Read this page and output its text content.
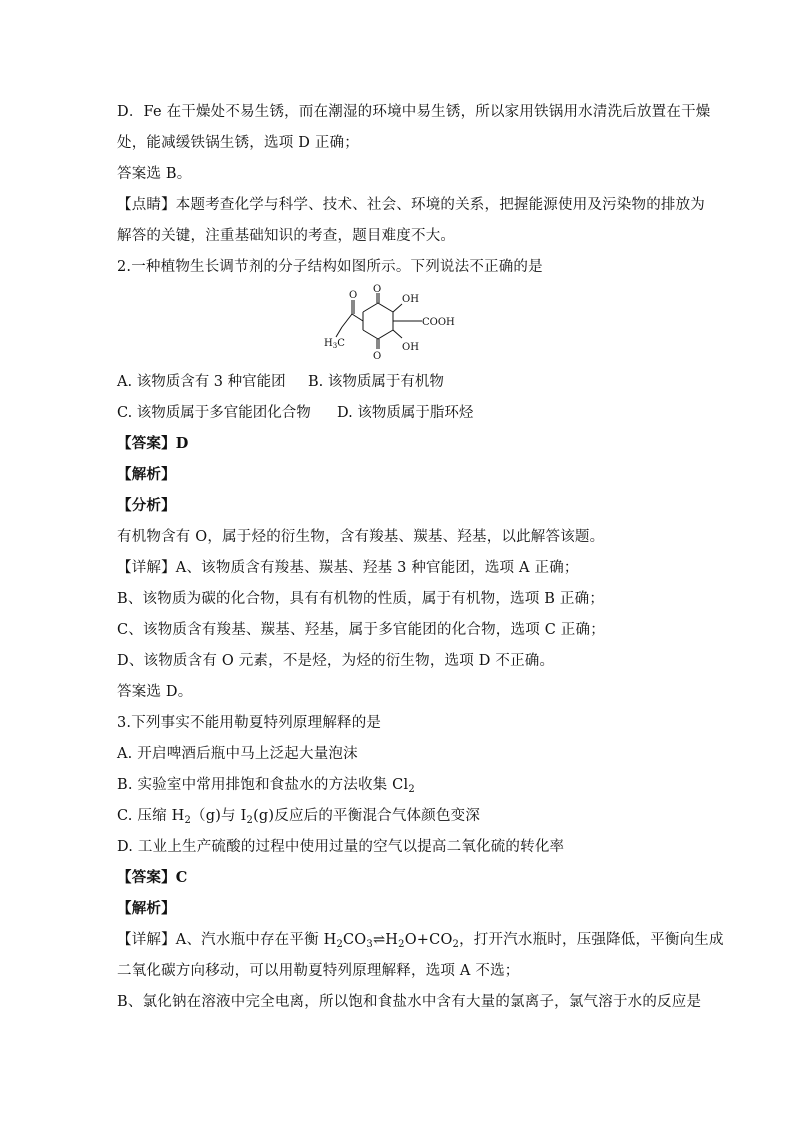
D．Fe 在干燥处不易生锈，而在潮湿的环境中易生锈，所以家用铁锅用水清洗后放置在干燥
处，能减缓铁锅生锈，选项 D 正确；
答案选 B。
【点睛】本题考查化学与科学、技术、社会、环境的关系，把握能源使用及污染物的排放为
解答的关键，注重基础知识的考查，题目难度不大。
2.一种植物生长调节剂的分子结构如图所示。下列说法不正确的是
O
O
O
OH
OH
COOH
$H_3C$
A. 该物质含有 3 种官能团 B. 该物质属于有机物
C. 该物质属于多官能团化合物 D. 该物质属于脂环烃
【答案】D
【解析】
【分析】
有机物含有 O，属于烃的衍生物，含有羧基、羰基、羟基，以此解答该题。
【详解】A、该物质含有羧基、羰基、羟基 3 种官能团，选项 A 正确；
B、该物质为碳的化合物，具有有机物的性质，属于有机物，选项 B 正确；
C、该物质含有羧基、羰基、羟基，属于多官能团的化合物，选项 C 正确；
D、该物质含有 O 元素，不是烃，为烃的衍生物，选项 D 不正确。
答案选 D。
3.下列事实不能用勒夏特列原理解释的是
A. 开启啤酒后瓶中马上泛起大量泡沫
B. 实验室中常用排饱和食盐水的方法收集 $Cl_2$
C. 压缩 $H_2(g)$与 $I_2(g)$反应后的平衡混合气体颜色变深
D. 工业上生产硫酸的过程中使用过量的空气以提高二氧化硫的转化率
【答案】C
【解析】
【详解】A、汽水瓶中存在平衡 $H_2CO_3\rightleftharpoons H_2O+CO_2$，打开汽水瓶时，压强降低，平衡向生成
二氧化碳方向移动，可以用勒夏特列原理解释，选项 A 不选；
B、氯化钠在溶液中完全电离，所以饱和食盐水中含有大量的氯离子，氯气溶于水的反应是
